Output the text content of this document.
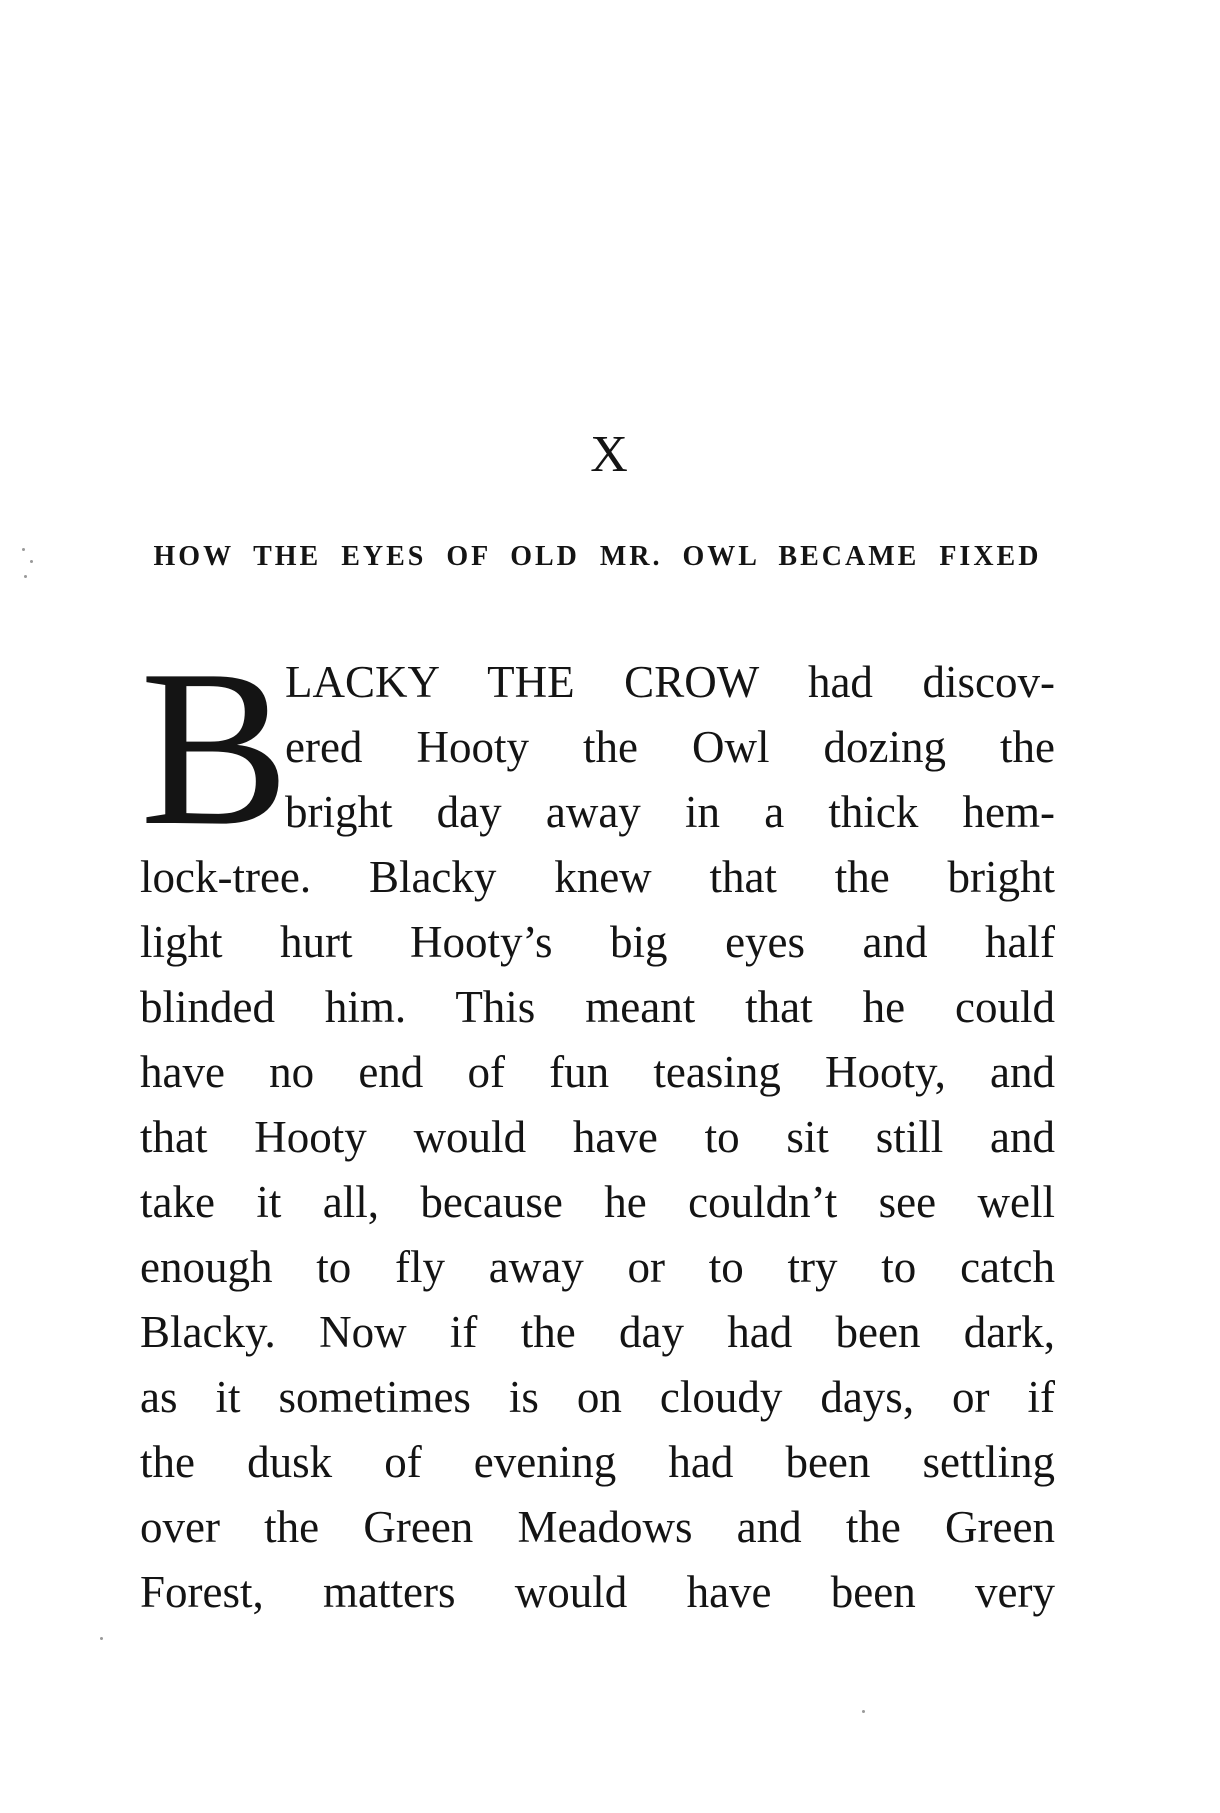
X
HOW THE EYES OF OLD MR. OWL BECAME FIXED
B
LACKY THE CROW had discov-
ered Hooty the Owl dozing the
bright day away in a thick hem-
lock-tree. Blacky knew that the bright
light hurt Hooty’s big eyes and half
blinded him. This meant that he could
have no end of fun teasing Hooty, and
that Hooty would have to sit still and
take it all, because he couldn’t see well
enough to fly away or to try to catch
Blacky. Now if the day had been dark,
as it sometimes is on cloudy days, or if
the dusk of evening had been settling
over the Green Meadows and the Green
Forest, matters would have been very
